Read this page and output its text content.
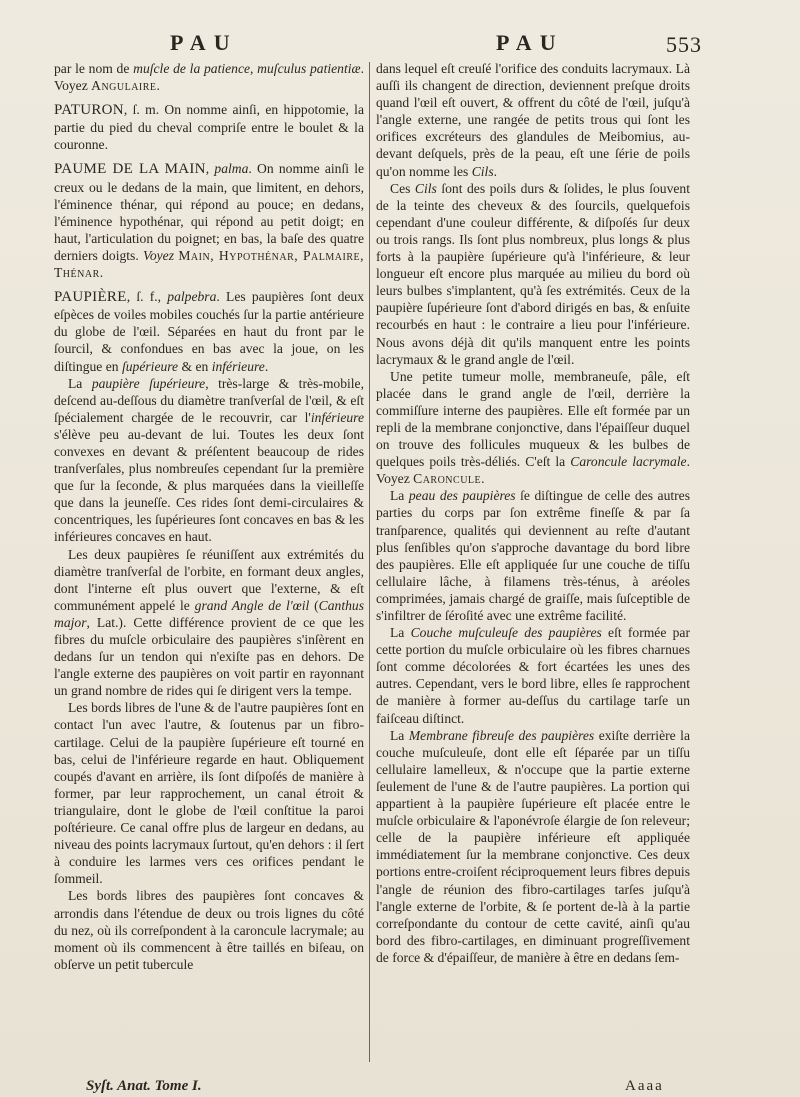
PAU	PAU	553

par le nom de muſcle de la patience, muſculus patientiæ. Voyez Angulaire.

PATURON, ſ. m. On nomme ainſi, en hippotomie, la partie du pied du cheval compriſe entre le boulet & la couronne.

PAUME DE LA MAIN, palma. On nomme ainſi le creux ou le dedans de la main, que limitent, en dehors, l'éminence thénar, qui répond au pouce; en dedans, l'éminence hypothénar, qui répond au petit doigt; en haut, l'articulation du poignet; en bas, la baſe des quatre derniers doigts. Voyez Main, Hypothénar, Palmaire, Thénar.

PAUPIÈRE, ſ. f., palpebra. Les paupières ſont deux eſpèces de voiles mobiles couchés ſur la partie antérieure du globe de l'œil. Séparées en haut du front par le ſourcil, & confondues en bas avec la joue, on les diſtingue en ſupérieure & en inférieure.

La paupière ſupérieure, très-large & très-mobile, deſcend au-deſſous du diamètre tranſverſal de l'œil, & eſt ſpécialement chargée de le recouvrir, car l'inférieure s'élève peu au-devant de lui. Toutes les deux ſont convexes en devant & préſentent beaucoup de rides tranſverſales, plus nombreuſes cependant ſur la première que ſur la ſeconde, & plus marquées dans la vieilleſſe que dans la jeuneſſe. Ces rides ſont demi-circulaires & concentriques, les ſupérieures ſont concaves en bas & les inférieures concaves en haut.

Les deux paupières ſe réuniſſent aux extrémités du diamètre tranſverſal de l'orbite, en formant deux angles, dont l'interne eſt plus ouvert que l'externe, & eſt communément appelé le grand Angle de l'œil (Canthus major, Lat.). Cette différence provient de ce que les fibres du muſcle orbiculaire des paupières s'inſèrent en dedans ſur un tendon qui n'exiſte pas en dehors. De l'angle externe des paupières on voit partir en rayonnant un grand nombre de rides qui ſe dirigent vers la tempe.

Les bords libres de l'une & de l'autre paupières ſont en contact l'un avec l'autre, & ſoutenus par un fibro-cartilage. Celui de la paupière ſupérieure eſt tourné en bas, celui de l'inférieure regarde en haut. Obliquement coupés d'avant en arrière, ils ſont diſpoſés de manière à former, par leur rapprochement, un canal étroit & triangulaire, dont le globe de l'œil conſtitue la paroi poſtérieure. Ce canal offre plus de largeur en dedans, au niveau des points lacrymaux ſurtout, qu'en dehors : il ſert à conduire les larmes vers ces orifices pendant le ſommeil.

Les bords libres des paupières ſont concaves & arrondis dans l'étendue de deux ou trois lignes du côté du nez, où ils correſpondent à la caroncule lacrymale; au moment où ils commencent à être taillés en biſeau, on obſerve un petit tubercule

dans lequel eſt creuſé l'orifice des conduits lacrymaux. Là auſſi ils changent de direction, deviennent preſque droits quand l'œil eſt ouvert, & offrent du côté de l'œil, juſqu'à l'angle externe, une rangée de petits trous qui ſont les orifices excréteurs des glandules de Meibomius, au-devant deſquels, près de la peau, eſt une ſérie de poils qu'on nomme les Cils.

Ces Cils ſont des poils durs & ſolides, le plus ſouvent de la teinte des cheveux & des ſourcils, quelquefois cependant d'une couleur différente, & diſpoſés ſur deux ou trois rangs. Ils ſont plus nombreux, plus longs & plus forts à la paupière ſupérieure qu'à l'inférieure, & leur longueur eſt encore plus marquée au milieu du bord où leurs bulbes s'implantent, qu'à ſes extrémités. Ceux de la paupière ſupérieure ſont d'abord dirigés en bas, & enſuite recourbés en haut : le contraire a lieu pour l'inférieure. Nous avons déjà dit qu'ils manquent entre les points lacrymaux & le grand angle de l'œil.

Une petite tumeur molle, membraneuſe, pâle, eſt placée dans le grand angle de l'œil, derrière la commiſſure interne des paupières. Elle eſt formée par un repli de la membrane conjonctive, dans l'épaiſſeur duquel on trouve des follicules muqueux & les bulbes de quelques poils très-déliés. C'eſt la Caroncule lacrymale. Voyez Caroncule.

La peau des paupières ſe diſtingue de celle des autres parties du corps par ſon extrême fineſſe & par ſa tranſparence, qualités qui deviennent au reſte d'autant plus ſenſibles qu'on s'approche davantage du bord libre des paupières. Elle eſt appliquée ſur une couche de tiſſu cellulaire lâche, à filamens très-ténus, à aréoles comprimées, jamais chargé de graiſſe, mais ſuſceptible de s'infiltrer de ſéroſité avec une extrême facilité.

La Couche muſculeuſe des paupières eſt formée par cette portion du muſcle orbiculaire où les fibres charnues ſont comme décolorées & fort écartées les unes des autres. Cependant, vers le bord libre, elles ſe rapprochent de manière à former au-deſſus du cartilage tarſe un faiſceau diſtinct.

La Membrane fibreuſe des paupières exiſte derrière la couche muſculeuſe, dont elle eſt ſéparée par un tiſſu cellulaire lamelleux, & n'occupe que la partie externe ſeulement de l'une & de l'autre paupières. La portion qui appartient à la paupière ſupérieure eſt placée entre le muſcle orbiculaire & l'aponévroſe élargie de ſon releveur; celle de la paupière inférieure eſt appliquée immédiatement ſur la membrane conjonctive. Ces deux portions entre-croiſent réciproquement leurs fibres depuis l'angle de réunion des fibro-cartilages tarſes juſqu'à l'angle externe de l'orbite, & ſe portent de-là à la partie correſpondante du contour de cette cavité, ainſi qu'au bord des fibro-cartilages, en diminuant progreſſivement de force & d'épaiſſeur, de manière à être en dedans ſem-

Syſt. Anat. Tome I.	Aaaa
